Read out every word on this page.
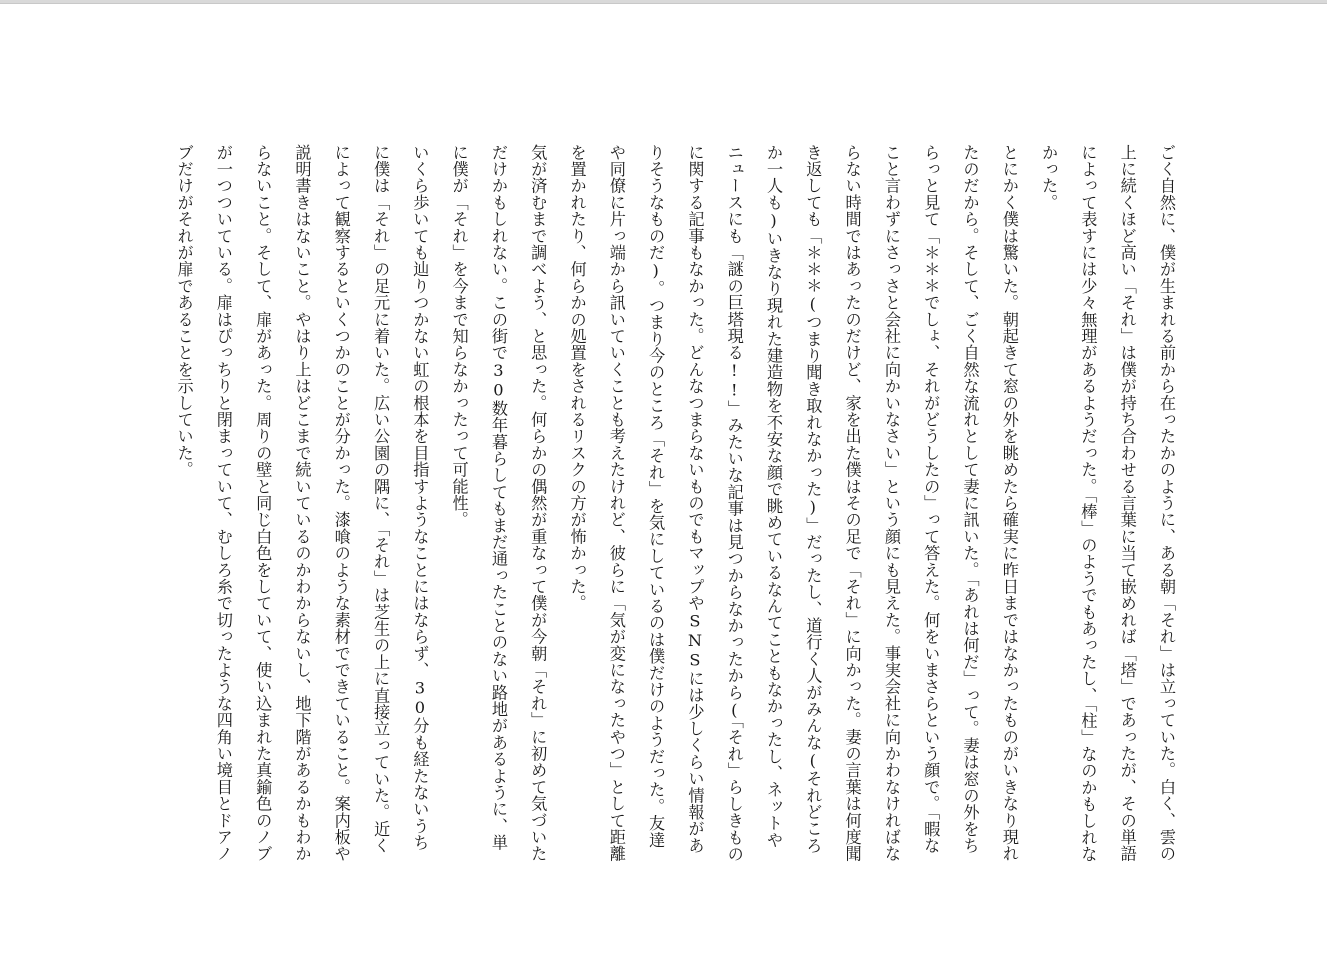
ごく自然に、僕が生まれる前から在ったかのように、ある朝「それ」は立っていた。白く、雲の上に続くほど高い「それ」は僕が持ち合わせる言葉に当て嵌めれば「塔」であったが、その単語によって表すには少々無理があるようだった。「棒」のようでもあったし、「柱」なのかもしれなかった。

とにかく僕は驚いた。朝起きて窓の外を眺めたら確実に昨日まではなかったものがいきなり現れたのだから。そして、ごく自然な流れとして妻に訊いた。「あれは何だ」って。妻は窓の外をちらっと見て「＊＊＊でしょ、それがどうしたの」って答えた。何をいまさらという顔で。「暇なこと言わずにさっさと会社に向かいなさい」という顔にも見えた。事実会社に向かわなければならない時間ではあったのだけど、家を出た僕はその足で「それ」に向かった。妻の言葉は何度聞き返しても「＊＊＊(つまり聞き取れなかった)」だったし、道行く人がみんな(それどころか一人も)いきなり現れた建造物を不安な顔で眺めているなんてこともなかったし、ネットやニュースにも「謎の巨塔現る!!」みたいな記事は見つからなかったから(「それ」らしきものに関する記事もなかった。どんなつまらないものでもマップやSNSには少しくらい情報がありそうなものだ)。つまり今のところ「それ」を気にしているのは僕だけのようだった。友達や同僚に片っ端から訊いていくことも考えたけれど、彼らに「気が変になったやつ」として距離を置かれたり、何らかの処置をされるリスクの方が怖かった。

気が済むまで調べよう、と思った。何らかの偶然が重なって僕が今朝「それ」に初めて気づいただけかもしれない。この街で30数年暮らしてもまだ通ったことのない路地があるように、単に僕が「それ」を今まで知らなかったって可能性。

いくら歩いても辿りつかない虹の根本を目指すようなことにはならず、30分も経たないうちに僕は「それ」の足元に着いた。広い公園の隅に、「それ」は芝生の上に直接立っていた。近くによって観察するといくつかのことが分かった。漆喰のような素材でできていること。案内板や説明書きはないこと。やはり上はどこまで続いているのかわからないし、地下階があるかもわからないこと。そして、扉があった。周りの壁と同じ白色をしていて、使い込まれた真鍮色のノブが一つついている。扉はぴっちりと閉まっていて、むしろ糸で切ったような四角い境目とドアノブだけがそれが扉であることを示していた。
